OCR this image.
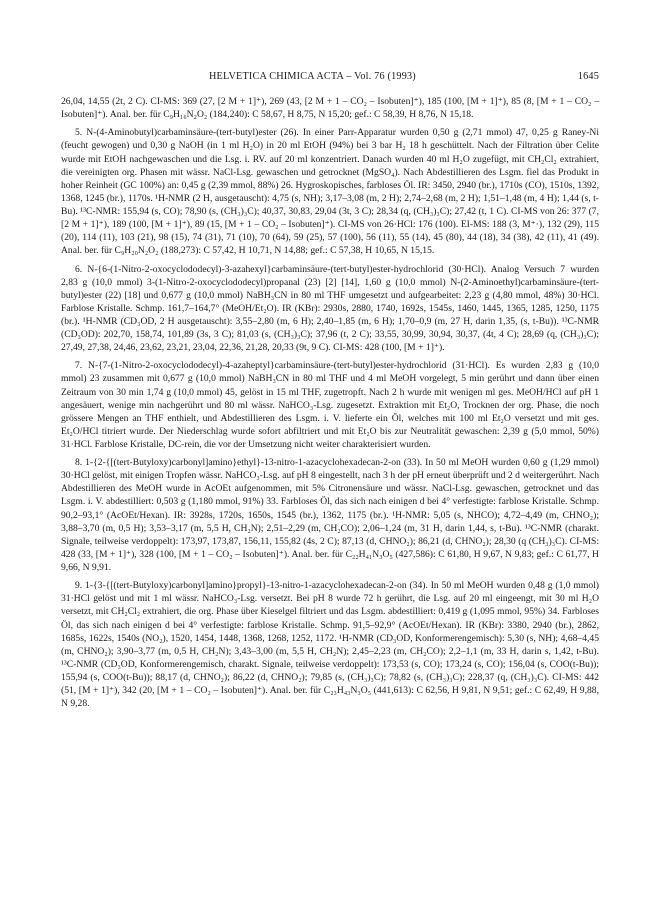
HELVETICA CHIMICA ACTA – Vol. 76 (1993)	1645

26,04, 14,55 (2t, 2 C). CI-MS: 369 (27, [2 M + 1]⁺), 269 (43, [2 M + 1 – CO₂ – Isobuten]⁺), 185 (100, [M + 1]⁺), 85 (8, [M + 1 – CO₂ – Isobuten]⁺). Anal. ber. für C₉H₁₆N₂O₂ (184,240): C 58,67, H 8,75, N 15,20; gef.: C 58,39, H 8,76, N 15,18.

5. N-(4-Aminobutyl)carbaminsäure-(tert-butyl)ester (26). In einer Parr-Apparatur wurden 0,50 g (2,71 mmol) 47, 0,25 g Raney-Ni (feucht gewogen) und 0,30 g NaOH (in 1 ml H₂O) in 20 ml EtOH (94%) bei 3 bar H₂ 18 h geschüttelt. Nach der Filtration über Celite wurde mit EtOH nachgewaschen und die Lsg. i. RV. auf 20 ml konzentriert. Danach wurden 40 ml H₂O zugefügt, mit CH₂Cl₂ extrahiert, die vereinigten org. Phasen mit wässr. NaCl-Lsg. gewaschen und getrocknet (MgSO₄). Nach Abdestillieren des Lsgm. fiel das Produkt in hoher Reinheit (GC 100%) an: 0,45 g (2,39 mmol, 88%) 26. Hygroskopisches, farbloses Öl. IR: 3450, 2940 (br.), 1710s (CO), 1510s, 1392, 1368, 1245 (br.), 1170s. ¹H-NMR (2 H, ausgetauscht): 4,75 (s, NH); 3,17–3,08 (m, 2 H); 2,74–2,68 (m, 2 H); 1,51–1,48 (m, 4 H); 1,44 (s, t-Bu). ¹³C-NMR: 155,94 (s, CO); 78,90 (s, (CH₃)₃C); 40,37, 30,83, 29,04 (3t, 3 C); 28,34 (q, (CH₃)₃C); 27,42 (t, 1 C). CI-MS von 26: 377 (7, [2 M + 1]⁺), 189 (100, [M + 1]⁺), 89 (15, [M + 1 – CO₂ – Isobuten]⁺). CI-MS von 26·HCl: 176 (100). EI-MS: 188 (3, M⁺·), 132 (29), 115 (20), 114 (11), 103 (21), 98 (15), 74 (31), 71 (10), 70 (64), 59 (25), 57 (100), 56 (11), 55 (14), 45 (80), 44 (18), 34 (38), 42 (11), 41 (49). Anal. ber. für C₉H₂₀N₂O₂ (188,273): C 57,42, H 10,71, N 14,88; gef.: C 57,38, H 10,65, N 15,15.

6. N-{6-(1-Nitro-2-oxocyclododecyl)-3-azahexyl}carbaminsäure-(tert-butyl)ester-hydrochlorid (30·HCl). Analog Versuch 7 wurden 2,83 g (10,0 mmol) 3-(1-Nitro-2-oxocyclododecyl)propanal (23) [2] [14], 1,60 g (10,0 mmol) N-(2-Aminoethyl)carbaminsäure-(tert-butyl)ester (22) [18] und 0,677 g (10,0 mmol) NaBH₃CN in 80 ml THF umgesetzt und aufgearbeitet: 2,23 g (4,80 mmol, 48%) 30·HCl. Farblose Kristalle. Schmp. 161,7–164,7° (MeOH/Et₂O). IR (KBr): 2930s, 2880, 1740, 1692s, 1545s, 1460, 1445, 1365, 1285, 1250, 1175 (br.). ¹H-NMR (CD₃OD, 2 H ausgetauscht): 3,55–2,80 (m, 6 H); 2,40–1,85 (m, 6 H); 1,70–0,9 (m, 27 H, darin 1,35, (s, t-Bu)). ¹³C-NMR (CD₃OD): 202,70, 158,74, 101,89 (3s, 3 C); 81,03 (s, (CH₃)₃C); 37,96 (t, 2 C); 33,55, 30,99, 30,94, 30,37, (4t, 4 C); 28,69 (q, (CH₃)₃C); 27,49, 27,38, 24,46, 23,62, 23,21, 23,04, 22,36, 21,28, 20,33 (9t, 9 C). CI-MS: 428 (100, [M + 1]⁺).

7. N-{7-(1-Nitro-2-oxocyclododecyl)-4-azaheptyl}carbaminsäure-(tert-butyl)ester-hydrochlorid (31·HCl). Es wurden 2,83 g (10,0 mmol) 23 zusammen mit 0,677 g (10,0 mmol) NaBH₃CN in 80 ml THF und 4 ml MeOH vorgelegt, 5 min gerührt und dann über einen Zeitraum von 30 min 1,74 g (10,0 mmol) 45, gelöst in 15 ml THF, zugetropft. Nach 2 h wurde mit wenigen ml ges. MeOH/HCl auf pH 1 angesäuert, wenige min nachgerührt und 80 ml wässr. NaHCO₃-Lsg. zugesetzt. Extraktion mit Et₂O, Trocknen der org. Phase, die noch grössere Mengen an THF enthielt, und Abdestillieren des Lsgm. i. V. lieferte ein Öl, welches mit 100 ml Et₂O versetzt und mit ges. Et₂O/HCl titriert wurde. Der Niederschlag wurde sofort abfiltriert und mit Et₂O bis zur Neutralität gewaschen: 2,39 g (5,0 mmol, 50%) 31·HCl. Farblose Kristalle, DC-rein, die vor der Umsetzung nicht weiter charakterisiert wurden.

8. 1-{2-{[(tert-Butyloxy)carbonyl]amino}ethyl}-13-nitro-1-azacyclohexadecan-2-on (33). In 50 ml MeOH wurden 0,60 g (1,29 mmol) 30·HCl gelöst, mit einigen Tropfen wässr. NaHCO₃-Lsg. auf pH 8 eingestellt, nach 3 h der pH erneut überprüft und 2 d weitergerührt. Nach Abdestillieren des MeOH wurde in AcOEt aufgenommen, mit 5% Citronensäure und wässr. NaCl-Lsg. gewaschen, getrocknet und das Lsgm. i. V. abdestilliert: 0,503 g (1,180 mmol, 91%) 33. Farbloses Öl, das sich nach einigen d bei 4° verfestigte: farblose Kristalle. Schmp. 90,2–93,1° (AcOEt/Hexan). IR: 3928s, 1720s, 1650s, 1545 (br.), 1362, 1175 (br.). ¹H-NMR: 5,05 (s, NHCO); 4,72–4,49 (m, CHNO₂); 3,88–3,70 (m, 0,5 H); 3,53–3,17 (m, 5,5 H, CH₂N); 2,51–2,29 (m, CH₂CO); 2,06–1,24 (m, 31 H, darin 1,44, s, t-Bu). ¹³C-NMR (charakt. Signale, teilweise verdoppelt): 173,97, 173,87, 156,11, 155,82 (4s, 2 C); 87,13 (d, CHNO₂); 86,21 (d, CHNO₂); 28,30 (q (CH₃)₃C). CI-MS: 428 (33, [M + 1]⁺), 328 (100, [M + 1 – CO₂ – Isobuten]⁺). Anal. ber. für C₂₂H₄₁N₃O₅ (427,586): C 61,80, H 9,67, N 9,83; gef.: C 61,77, H 9,66, N 9,91.

9. 1-{3-{[(tert-Butyloxy)carbonyl]amino}propyl}-13-nitro-1-azacyclohexadecan-2-on (34). In 50 ml MeOH wurden 0,48 g (1,0 mmol) 31·HCl gelöst und mit 1 ml wässr. NaHCO₃-Lsg. versetzt. Bei pH 8 wurde 72 h gerührt, die Lsg. auf 20 ml eingeengt, mit 30 ml H₂O versetzt, mit CH₂Cl₂ extrahiert, die org. Phase über Kieselgel filtriert und das Lsgm. abdestilliert: 0,419 g (1,095 mmol, 95%) 34. Farbloses Öl, das sich nach einigen d bei 4° verfestigte: farblose Kristalle. Schmp. 91,5–92,9° (AcOEt/Hexan). IR (KBr): 3380, 2940 (br.), 2862, 1685s, 1622s, 1540s (NO₂), 1520, 1454, 1448, 1368, 1268, 1252, 1172. ¹H-NMR (CD₃OD, Konformerengemisch): 5,30 (s, NH); 4,68–4,45 (m, CHNO₂); 3,90–3,77 (m, 0,5 H, CH₂N); 3,43–3,00 (m, 5,5 H, CH₂N); 2,45–2,23 (m, CH₂CO); 2,2–1,1 (m, 33 H, darin s, 1,42, t-Bu). ¹³C-NMR (CD₃OD, Konformerengemisch, charakt. Signale, teilweise verdoppelt): 173,53 (s, CO); 173,24 (s, CO); 156,04 (s, COO(t-Bu)); 155,94 (s, COO(t-Bu)); 88,17 (d, CHNO₂); 86,22 (d, CHNO₂); 79,85 (s, (CH₃)₃C); 78,82 (s, (CH₃)₃C); 228,37 (q, (CH₃)₃C). CI-MS: 442 (51, [M + 1]⁺), 342 (20, [M + 1 – CO₂ – Isobuten]⁺). Anal. ber. für C₂₃H₄₃N₃O₅ (441,613): C 62,56, H 9,81, N 9,51; gef.: C 62,49, H 9,88, N 9,28.
